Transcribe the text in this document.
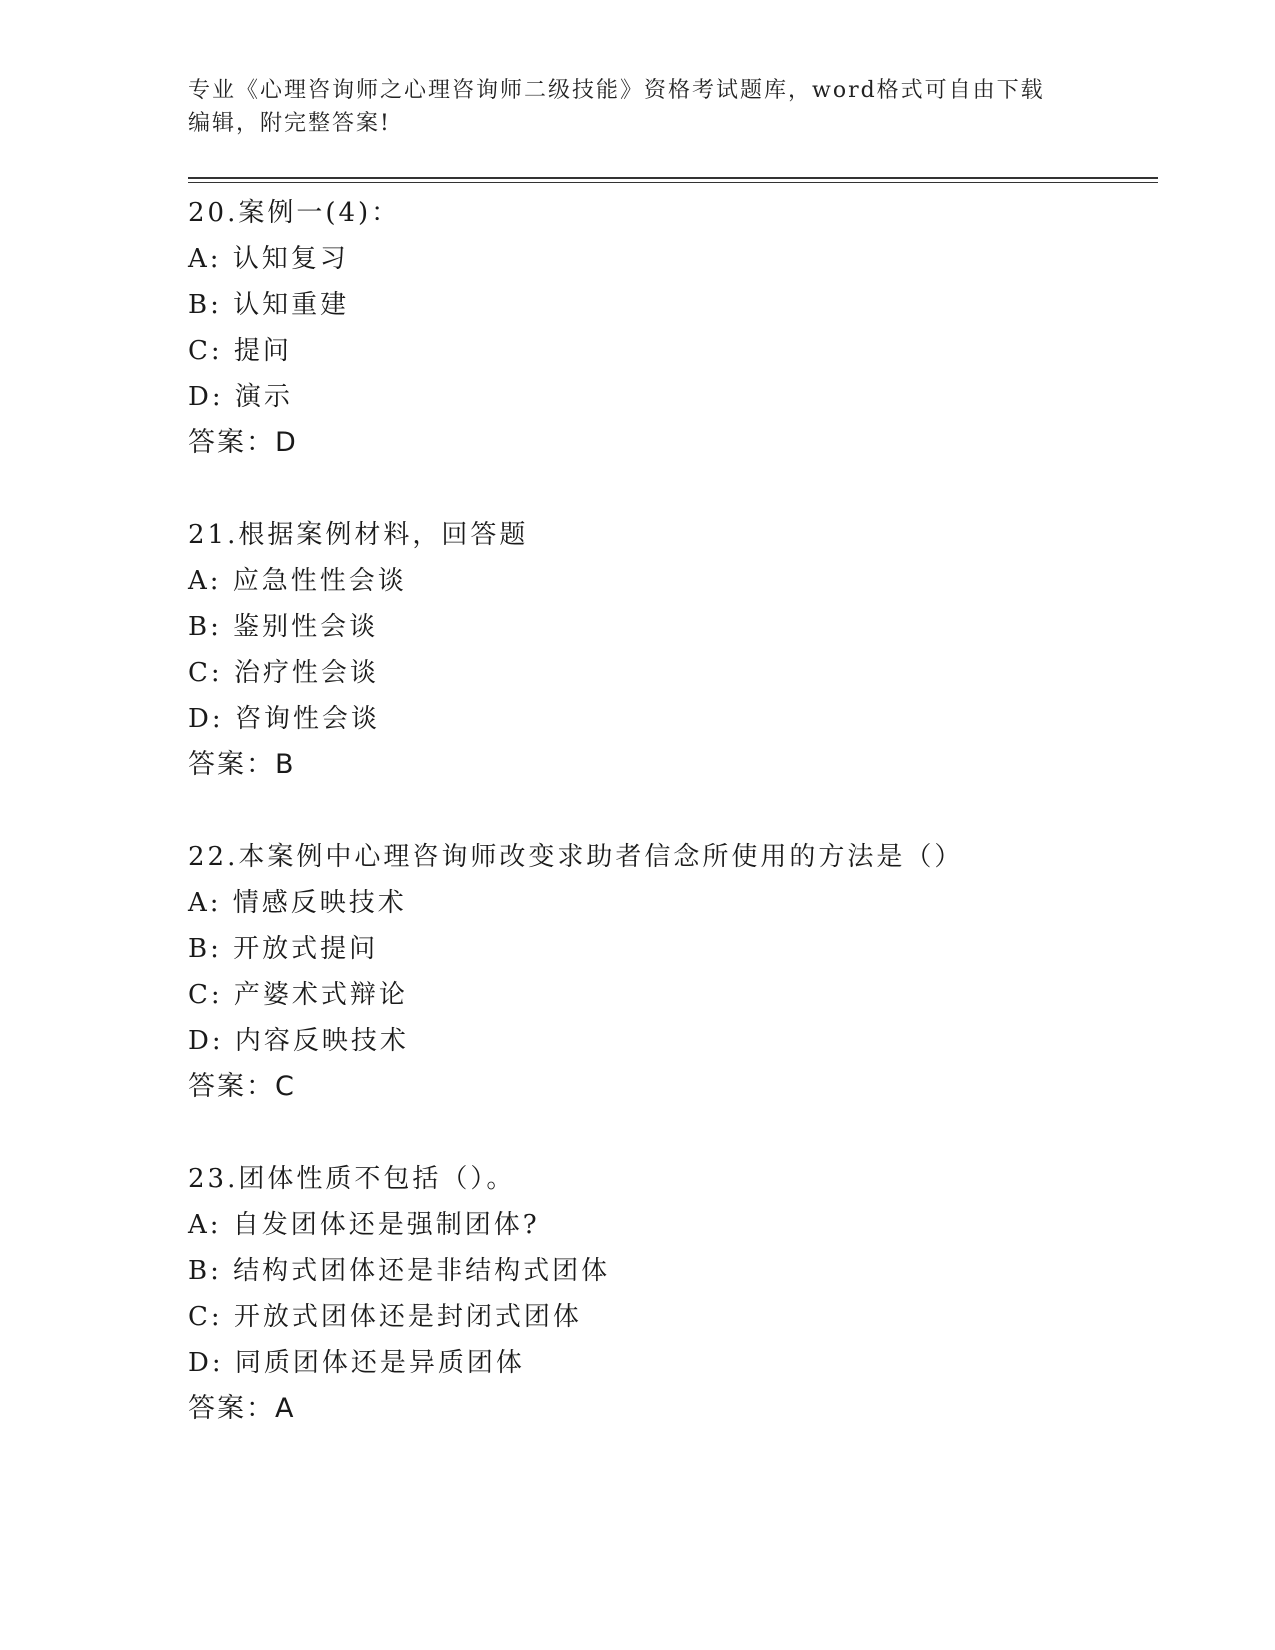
专业《心理咨询师之心理咨询师二级技能》资格考试题库，word格式可自由下载
编辑，附完整答案!
20.案例一(4)：
A: 认知复习
B: 认知重建
C: 提问
D: 演示
答案：D
21.根据案例材料，回答题
A: 应急性性会谈
B: 鉴别性会谈
C: 治疗性会谈
D: 咨询性会谈
答案：B
22.本案例中心理咨询师改变求助者信念所使用的方法是（）
A: 情感反映技术
B: 开放式提问
C: 产婆术式辩论
D: 内容反映技术
答案：C
23.团体性质不包括（）。
A: 自发团体还是强制团体?
B: 结构式团体还是非结构式团体
C: 开放式团体还是封闭式团体
D: 同质团体还是异质团体
答案：A
